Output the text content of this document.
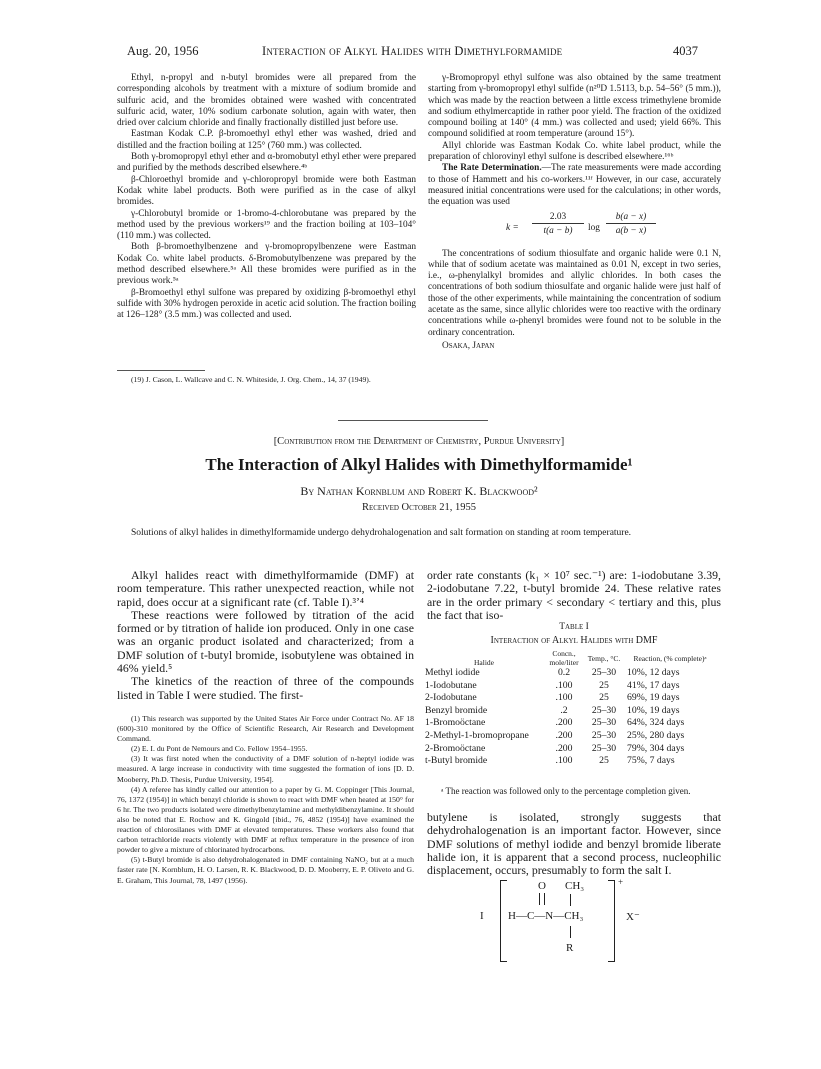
Aug. 20, 1956	Interaction of Alkyl Halides with Dimethylformamide	4037

Ethyl, n-propyl and n-butyl bromides were all prepared from the corresponding alcohols by treatment with a mixture of sodium bromide and sulfuric acid, and the bromides obtained were washed with concentrated sulfuric acid, water, 10% sodium carbonate solution, again with water, then dried over calcium chloride and finally fractionally distilled just before use.

Eastman Kodak C.P. β-bromoethyl ethyl ether was washed, dried and distilled and the fraction boiling at 125° (760 mm.) was collected.

Both γ-bromopropyl ethyl ether and α-bromobutyl ethyl ether were prepared and purified by the methods described elsewhere.⁴ᵇ

β-Chloroethyl bromide and γ-chloropropyl bromide were both Eastman Kodak white label products. Both were purified as in the case of alkyl bromides.

γ-Chlorobutyl bromide or 1-bromo-4-chlorobutane was prepared by the method used by the previous workers¹⁹ and the fraction boiling at 103–104° (110 mm.) was collected.

Both β-bromoethylbenzene and γ-bromopropylbenzene were Eastman Kodak Co. white label products. δ-Bromobutylbenzene was prepared by the method described elsewhere.⁵ᵃ All these bromides were purified as in the previous work.⁵ᵃ

β-Bromoethyl ethyl sulfone was prepared by oxidizing β-bromoethyl ethyl sulfide with 30% hydrogen peroxide in acetic acid solution. The fraction boiling at 126–128° (3.5 mm.) was collected and used.

(19) J. Cason, L. Wallcave and C. N. Whiteside, J. Org. Chem., 14, 37 (1949).

γ-Bromopropyl ethyl sulfone was also obtained by the same treatment starting from γ-bromopropyl ethyl sulfide (n²⁰D 1.5113, b.p. 54–56° (5 mm.)), which was made by the reaction between a little excess trimethylene bromide and sodium ethylmercaptide in rather poor yield. The fraction of the oxidized compound boiling at 140° (4 mm.) was collected and used; yield 66%. This compound solidified at room temperature (around 15°).

Allyl chloride was Eastman Kodak Co. white label product, while the preparation of chlorovinyl ethyl sulfone is described elsewhere.¹⁶ᵇ

The Rate Determination.—The rate measurements were made according to those of Hammett and his co-workers.¹¹ᶠ However, in our case, accurately measured initial concentrations were used for the calculations; in other words, the equation was used

k =
2.03
t(a − b)	log
b(a − x)
a(b − x)

The concentrations of sodium thiosulfate and organic halide were 0.1 N, while that of sodium acetate was maintained as 0.01 N, except in two series, i.e., ω-phenylalkyl bromides and allylic chlorides. In both cases the concentrations of both sodium thiosulfate and organic halide were just half of those of the other experiments, while maintaining the concentration of sodium acetate as the same, since allylic chlorides were too reactive with the ordinary concentrations while ω-phenyl bromides were found not to be soluble in the ordinary concentration.

Osaka, Japan

[Contribution from the Department of Chemistry, Purdue University]
The Interaction of Alkyl Halides with Dimethylformamide¹
By Nathan Kornblum and Robert K. Blackwood²
Received October 21, 1955

Solutions of alkyl halides in dimethylformamide undergo dehydrohalogenation and salt formation on standing at room temperature.

Alkyl halides react with dimethylformamide (DMF) at room temperature. This rather unexpected reaction, while not rapid, does occur at a significant rate (cf. Table I).³ʼ⁴

These reactions were followed by titration of the acid formed or by titration of halide ion produced. Only in one case was an organic product isolated and characterized; from a DMF solution of t-butyl bromide, isobutylene was obtained in 46% yield.⁵

The kinetics of the reaction of three of the compounds listed in Table I were studied. The first-

(1) This research was supported by the United States Air Force under Contract No. AF 18 (600)-310 monitored by the Office of Scientific Research, Air Research and Development Command.

(2) E. I. du Pont de Nemours and Co. Fellow 1954–1955.

(3) It was first noted when the conductivity of a DMF solution of n-heptyl iodide was measured. A large increase in conductivity with time suggested the formation of ions [D. D. Mooberry, Ph.D. Thesis, Purdue University, 1954].

(4) A referee has kindly called our attention to a paper by G. M. Coppinger [This Journal, 76, 1372 (1954)] in which benzyl chloride is shown to react with DMF when heated at 150° for 6 hr. The two products isolated were dimethylbenzylamine and methyldibenzylamine. It should also be noted that E. Rochow and K. Gingold [ibid., 76, 4852 (1954)] have examined the reaction of chlorosilanes with DMF at elevated temperatures. These workers also found that carbon tetrachloride reacts violently with DMF at reflux temperature in the presence of iron powder to give a mixture of chlorinated hydrocarbons.

(5) t-Butyl bromide is also dehydrohalogenated in DMF containing NaNO₂ but at a much faster rate [N. Kornblum, H. O. Larsen, R. K. Blackwood, D. D. Mooberry, E. P. Oliveto and G. E. Graham, This Journal, 78, 1497 (1956).

order rate constants (k₁ × 10⁷ sec.⁻¹) are: 1-iodobutane 3.39, 2-iodobutane 7.22, t-butyl bromide 24. These relative rates are in the order primary < secondary < tertiary and this, plus the fact that iso-

Table I
Interaction of Alkyl Halides with DMF
Halide	Concn., mole/liter	Temp., °C.	Reaction, (% complete)ᵃ
Methyl iodide	0.2	25–30	10%, 12 days
1-Iodobutane	.100	25	41%, 17 days
2-Iodobutane	.100	25	69%, 19 days
Benzyl bromide	.2	25–30	10%, 19 days
1-Bromoöctane	.200	25–30	64%, 324 days
2-Methyl-1-bromopropane	.200	25–30	25%, 280 days
2-Bromoöctane	.200	25–30	79%, 304 days
t-Butyl bromide	.100	25	75%, 7 days

ᵃ The reaction was followed only to the percentage completion given.

butylene is isolated, strongly suggests that dehydrohalogenation is an important factor. However, since DMF solutions of methyl iodide and benzyl bromide liberate halide ion, it is apparent that a second process, nucleophilic displacement, occurs, presumably to form the salt I.

I
O CH₃
H—C—N—CH₃
R
+
X⁻
